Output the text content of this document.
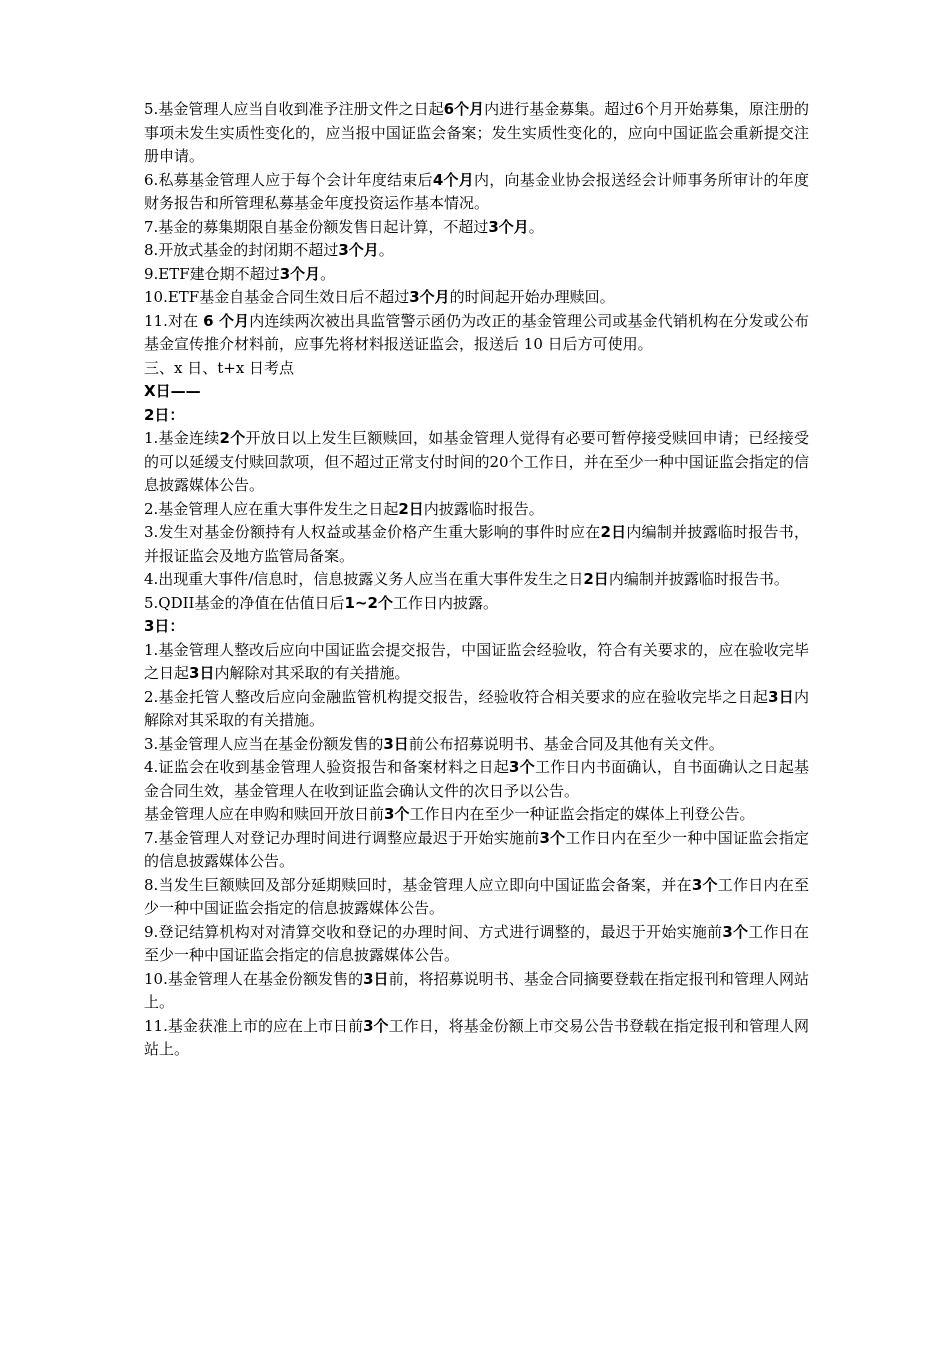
5.基金管理人应当自收到准予注册文件之日起6个月内进行基金募集。超过6个月开始募集，原注册的事项未发生实质性变化的，应当报中国证监会备案；发生实质性变化的，应向中国证监会重新提交注册申请。

6.私募基金管理人应于每个会计年度结束后4个月内，向基金业协会报送经会计师事务所审计的年度财务报告和所管理私募基金年度投资运作基本情况。

7.基金的募集期限自基金份额发售日起计算，不超过3个月。

8.开放式基金的封闭期不超过3个月。

9.ETF建仓期不超过3个月。

10.ETF基金自基金合同生效日后不超过3个月的时间起开始办理赎回。

11.对在 6 个月内连续两次被出具监管警示函仍为改正的基金管理公司或基金代销机构在分发或公布基金宣传推介材料前，应事先将材料报送证监会，报送后 10 日后方可使用。

三、x 日、t+x 日考点

X日——

2日：

1.基金连续2个开放日以上发生巨额赎回，如基金管理人觉得有必要可暂停接受赎回申请；已经接受的可以延缓支付赎回款项，但不超过正常支付时间的20个工作日，并在至少一种中国证监会指定的信息披露媒体公告。

2.基金管理人应在重大事件发生之日起2日内披露临时报告。

3.发生对基金份额持有人权益或基金价格产生重大影响的事件时应在2日内编制并披露临时报告书，并报证监会及地方监管局备案。

4.出现重大事件/信息时，信息披露义务人应当在重大事件发生之日2日内编制并披露临时报告书。

5.QDII基金的净值在估值日后1~2个工作日内披露。

3日：

1.基金管理人整改后应向中国证监会提交报告，中国证监会经验收，符合有关要求的，应在验收完毕之日起3日内解除对其采取的有关措施。

2.基金托管人整改后应向金融监管机构提交报告，经验收符合相关要求的应在验收完毕之日起3日内解除对其采取的有关措施。

3.基金管理人应当在基金份额发售的3日前公布招募说明书、基金合同及其他有关文件。

4.证监会在收到基金管理人验资报告和备案材料之日起3个工作日内书面确认，自书面确认之日起基金合同生效，基金管理人在收到证监会确认文件的次日予以公告。

基金管理人应在申购和赎回开放日前3个工作日内在至少一种证监会指定的媒体上刊登公告。

7.基金管理人对登记办理时间进行调整应最迟于开始实施前3个工作日内在至少一种中国证监会指定的信息披露媒体公告。

8.当发生巨额赎回及部分延期赎回时，基金管理人应立即向中国证监会备案，并在3个工作日内在至少一种中国证监会指定的信息披露媒体公告。

9.登记结算机构对对清算交收和登记的办理时间、方式进行调整的，最迟于开始实施前3个工作日在至少一种中国证监会指定的信息披露媒体公告。

10.基金管理人在基金份额发售的3日前，将招募说明书、基金合同摘要登载在指定报刊和管理人网站上。

11.基金获准上市的应在上市日前3个工作日，将基金份额上市交易公告书登载在指定报刊和管理人网站上。
